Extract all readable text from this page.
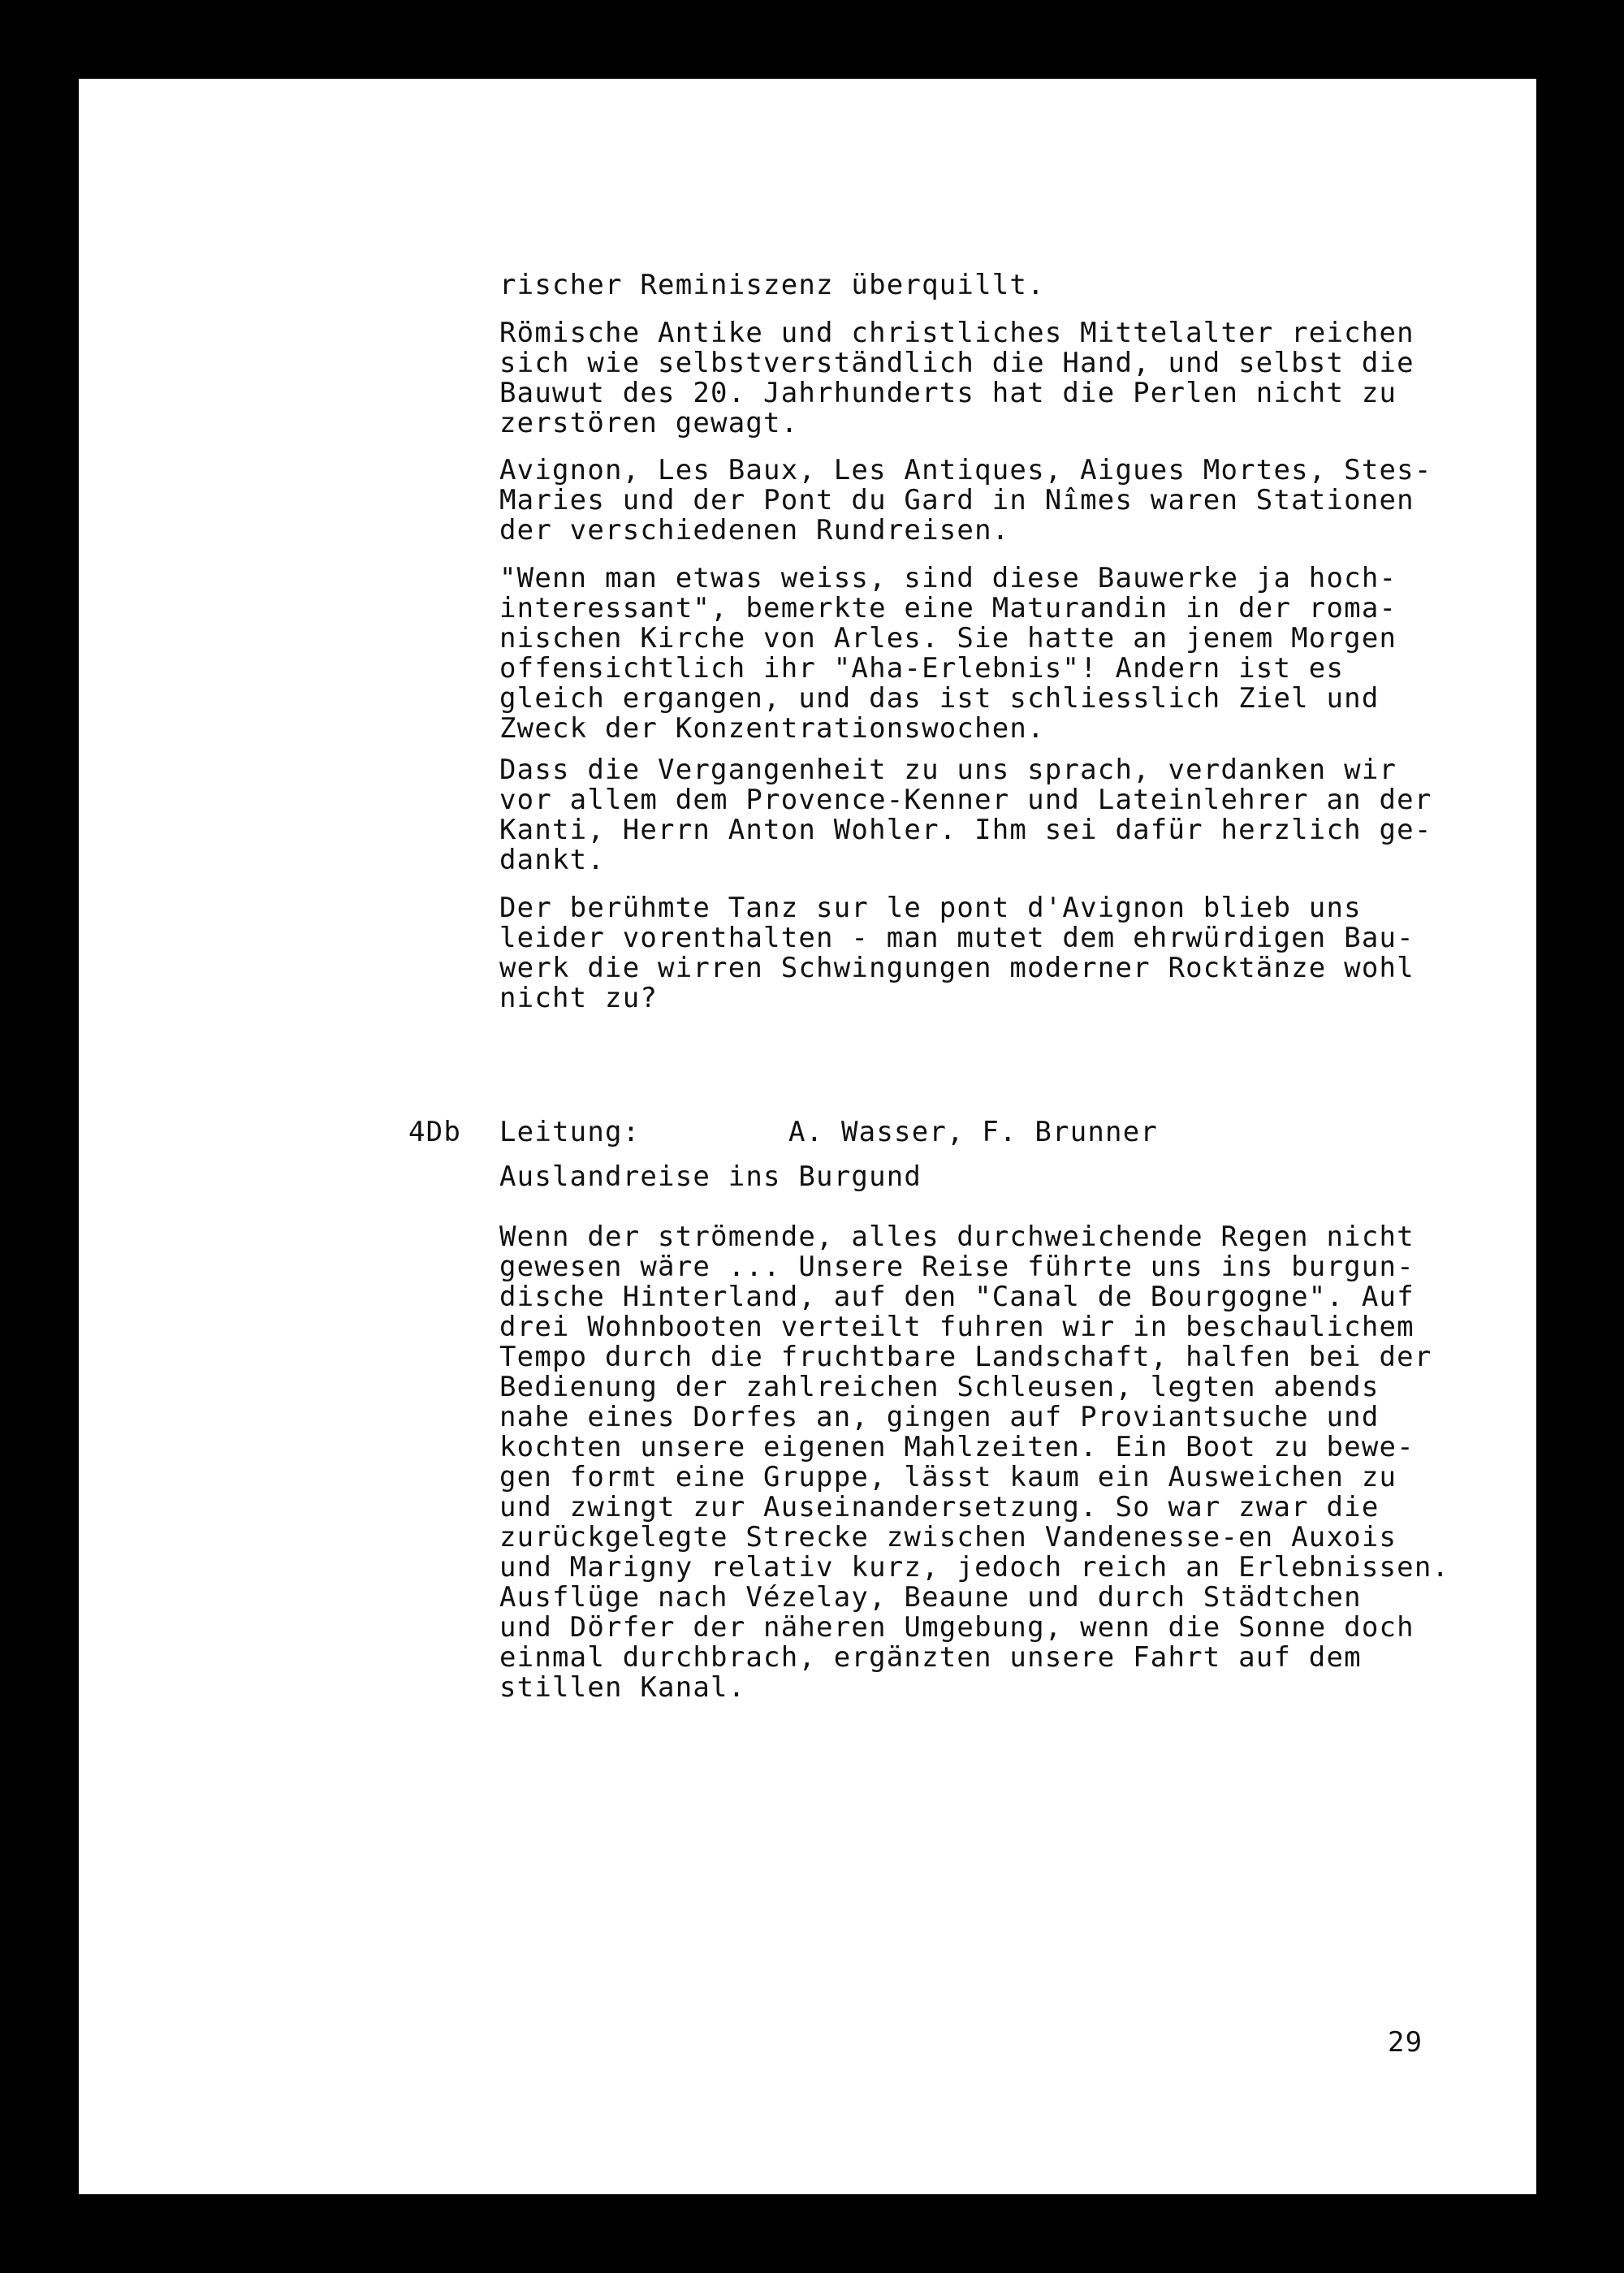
rischer Reminiszenz überquillt.

Römische Antike und christliches Mittelalter reichen
sich wie selbstverständlich die Hand, und selbst die
Bauwut des 20. Jahrhunderts hat die Perlen nicht zu
zerstören gewagt.

Avignon, Les Baux, Les Antiques, Aigues Mortes, Stes-
Maries und der Pont du Gard in Nîmes waren Stationen
der verschiedenen Rundreisen.

"Wenn man etwas weiss, sind diese Bauwerke ja hoch-
interessant", bemerkte eine Maturandin in der roma-
nischen Kirche von Arles. Sie hatte an jenem Morgen
offensichtlich ihr "Aha-Erlebnis"! Andern ist es
gleich ergangen, und das ist schliesslich Ziel und
Zweck der Konzentrationswochen.

Dass die Vergangenheit zu uns sprach, verdanken wir
vor allem dem Provence-Kenner und Lateinlehrer an der
Kanti, Herrn Anton Wohler. Ihm sei dafür herzlich ge-
dankt.

Der berühmte Tanz sur le pont d'Avignon blieb uns
leider vorenthalten - man mutet dem ehrwürdigen Bau-
werk die wirren Schwingungen moderner Rocktänze wohl
nicht zu?

4Db Leitung:	A. Wasser, F. Brunner
Auslandreise ins Burgund

Wenn der strömende, alles durchweichende Regen nicht
gewesen wäre ... Unsere Reise führte uns ins burgun-
dische Hinterland, auf den "Canal de Bourgogne". Auf
drei Wohnbooten verteilt fuhren wir in beschaulichem
Tempo durch die fruchtbare Landschaft, halfen bei der
Bedienung der zahlreichen Schleusen, legten abends
nahe eines Dorfes an, gingen auf Proviantsuche und
kochten unsere eigenen Mahlzeiten. Ein Boot zu bewe-
gen formt eine Gruppe, lässt kaum ein Ausweichen zu
und zwingt zur Auseinandersetzung. So war zwar die
zurückgelegte Strecke zwischen Vandenesse-en Auxois
und Marigny relativ kurz, jedoch reich an Erlebnissen.
Ausflüge nach Vézelay, Beaune und durch Städtchen
und Dörfer der näheren Umgebung, wenn die Sonne doch
einmal durchbrach, ergänzten unsere Fahrt auf dem
stillen Kanal.

29
